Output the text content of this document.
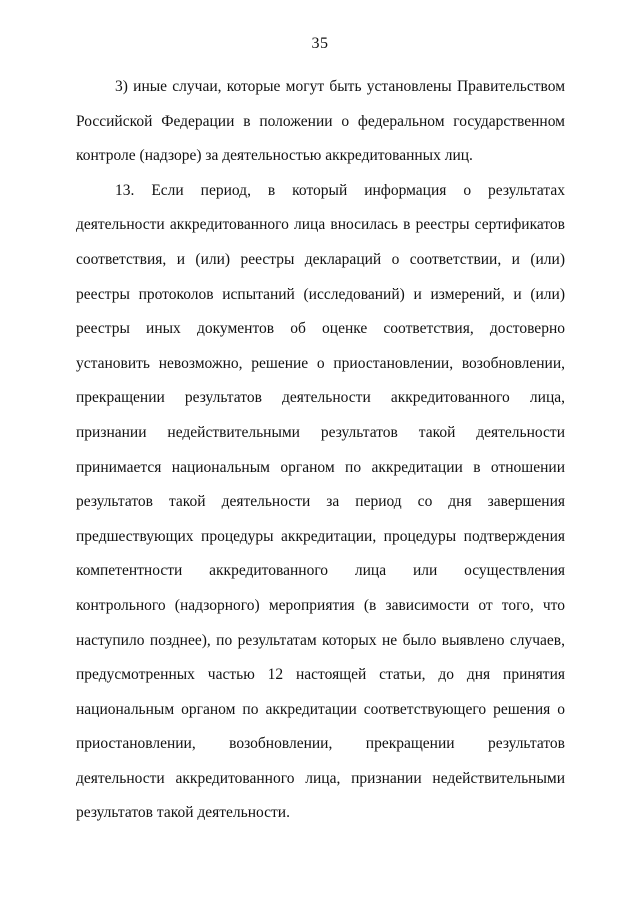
35

3) иные случаи, которые могут быть установлены Правительством Российской Федерации в положении о федеральном государственном контроле (надзоре) за деятельностью аккредитованных лиц.

13. Если период, в который информация о результатах деятельности аккредитованного лица вносилась в реестры сертификатов соответствия, и (или) реестры деклараций о соответствии, и (или) реестры протоколов испытаний (исследований) и измерений, и (или) реестры иных документов об оценке соответствия, достоверно установить невозможно, решение о приостановлении, возобновлении, прекращении результатов деятельности аккредитованного лица, признании недействительными результатов такой деятельности принимается национальным органом по аккредитации в отношении результатов такой деятельности за период со дня завершения предшествующих процедуры аккредитации, процедуры подтверждения компетентности аккредитованного лица или осуществления контрольного (надзорного) мероприятия (в зависимости от того, что наступило позднее), по результатам которых не было выявлено случаев, предусмотренных частью 12 настоящей статьи, до дня принятия национальным органом по аккредитации соответствующего решения о приостановлении, возобновлении, прекращении результатов деятельности аккредитованного лица, признании недействительными результатов такой деятельности.
